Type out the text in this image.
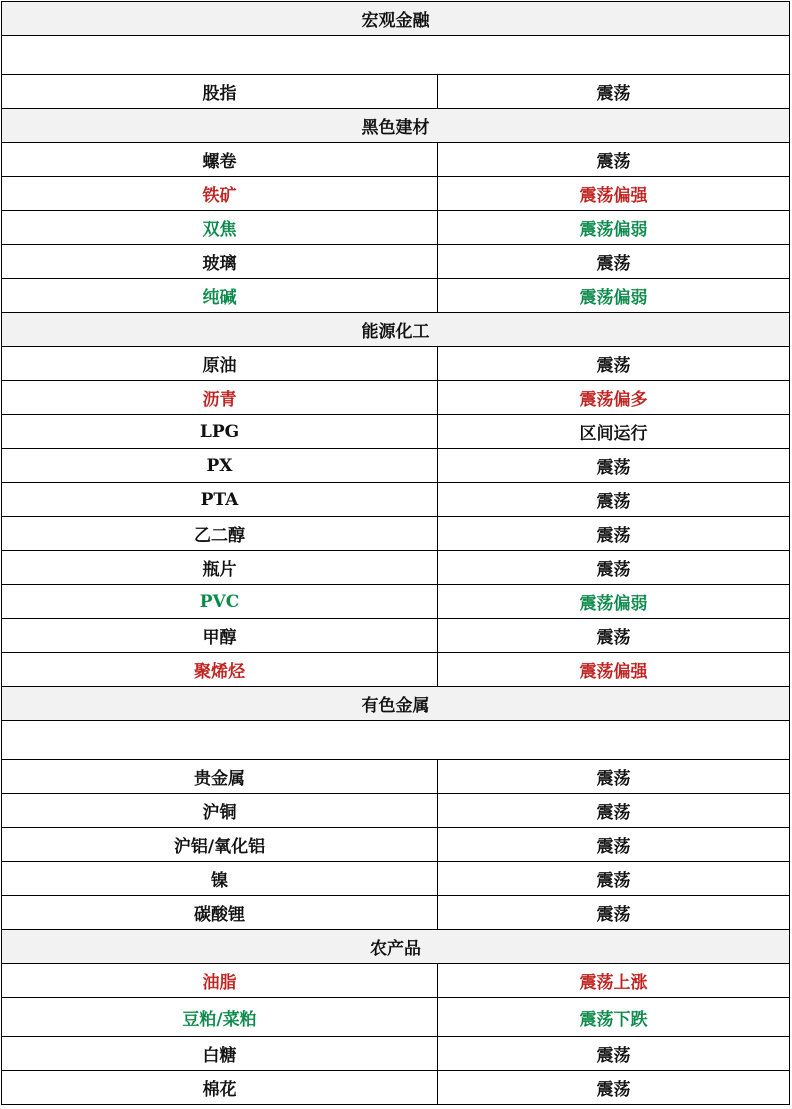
宏观金融	

股指	震荡
黑色建材	
螺卷	震荡
铁矿	震荡偏强
双焦	震荡偏弱
玻璃	震荡
纯碱	震荡偏弱
能源化工	
原油	震荡
沥青	震荡偏多
LPG	区间运行
PX	震荡
PTA	震荡
乙二醇	震荡
瓶片	震荡
PVC	震荡偏弱
甲醇	震荡
聚烯烃	震荡偏强
有色金属	

贵金属	震荡
沪铜	震荡
沪铝/氧化铝	震荡
镍	震荡
碳酸锂	震荡
农产品	
油脂	震荡上涨
豆粕/菜粕	震荡下跌
白糖	震荡
棉花	震荡
